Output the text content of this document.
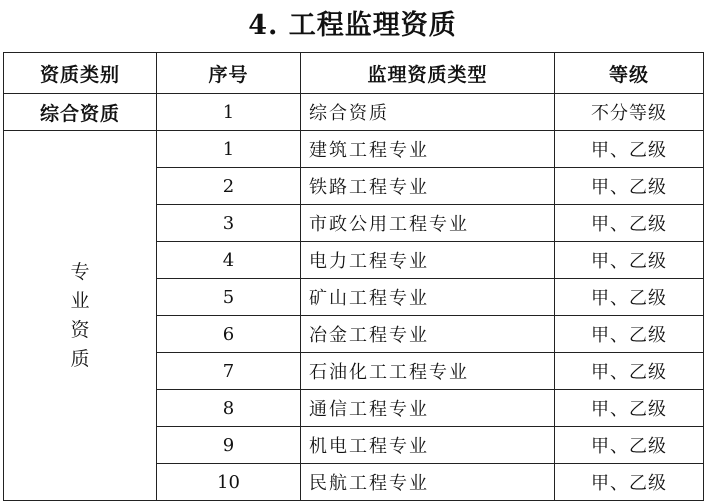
4. 工程监理资质
资质类别	序号	监理资质类型	等级
综合资质	1	综合资质	不分等级
专业资质	1	建筑工程专业	甲、乙级
	2	铁路工程专业	甲、乙级
	3	市政公用工程专业	甲、乙级
	4	电力工程专业	甲、乙级
	5	矿山工程专业	甲、乙级
	6	冶金工程专业	甲、乙级
	7	石油化工工程专业	甲、乙级
	8	通信工程专业	甲、乙级
	9	机电工程专业	甲、乙级
	10	民航工程专业	甲、乙级
